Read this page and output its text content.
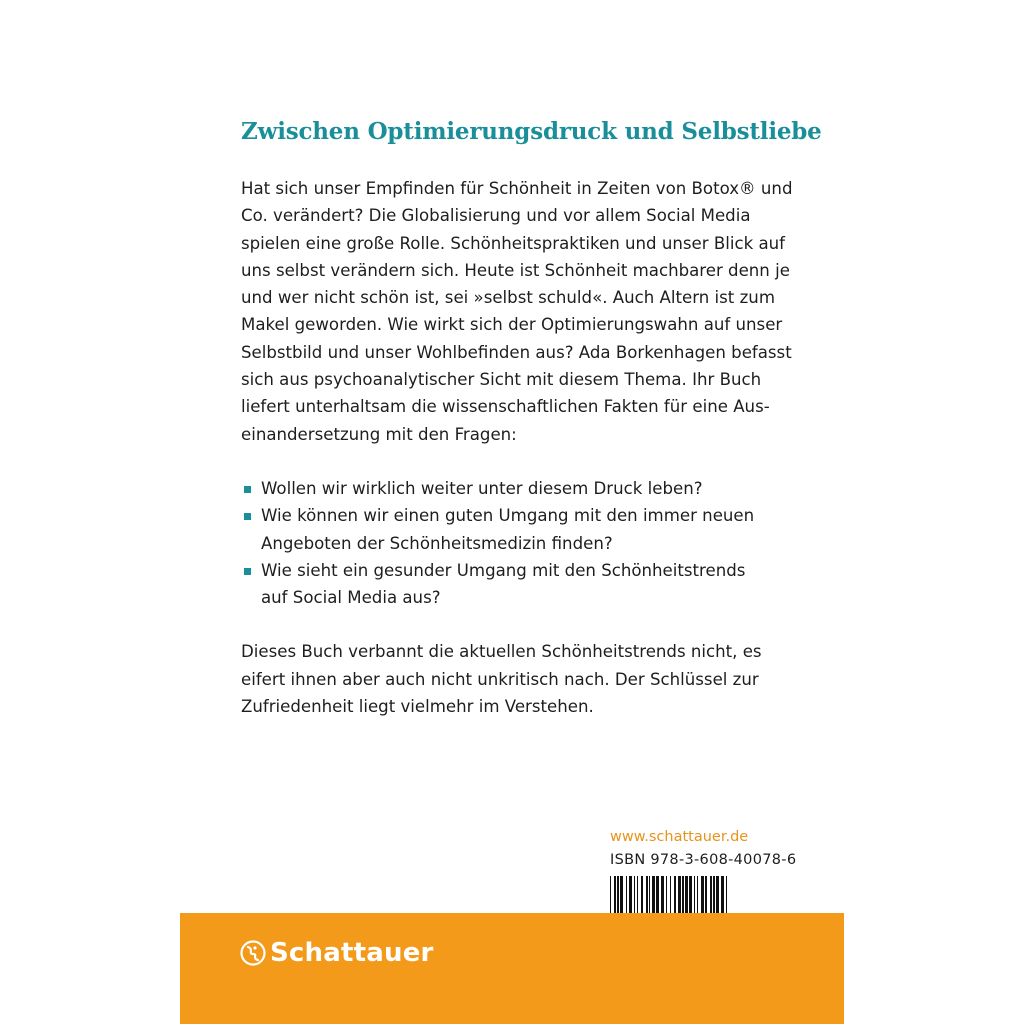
Zwischen Optimierungsdruck und Selbstliebe

Hat sich unser Empfinden für Schönheit in Zeiten von Botox® und
Co. verändert? Die Globalisierung und vor allem Social Media
spielen eine große Rolle. Schönheitspraktiken und unser Blick auf
uns selbst verändern sich. Heute ist Schönheit machbarer denn je
und wer nicht schön ist, sei »selbst schuld«. Auch Altern ist zum
Makel geworden. Wie wirkt sich der Optimierungswahn auf unser
Selbstbild und unser Wohlbefinden aus? Ada Borkenhagen befasst
sich aus psychoanalytischer Sicht mit diesem Thema. Ihr Buch
liefert unterhaltsam die wissenschaftlichen Fakten für eine Aus-
einandersetzung mit den Fragen:

Wollen wir wirklich weiter unter diesem Druck leben?
Wie können wir einen guten Umgang mit den immer neuen
Angeboten der Schönheitsmedizin finden?
Wie sieht ein gesunder Umgang mit den Schönheitstrends
auf Social Media aus?

Dieses Buch verbannt die aktuellen Schönheitstrends nicht, es
eifert ihnen aber auch nicht unkritisch nach. Der Schlüssel zur
Zufriedenheit liegt vielmehr im Verstehen.

www.schattauer.de
ISBN 978-3-608-40078-6
Schattauer
